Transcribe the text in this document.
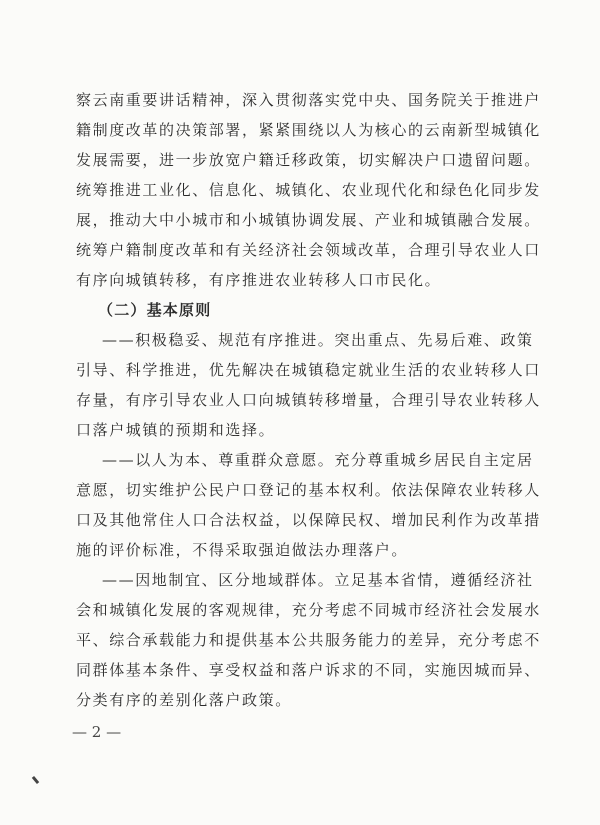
察云南重要讲话精神，深入贯彻落实党中央、国务院关于推进户
籍制度改革的决策部署，紧紧围绕以人为核心的云南新型城镇化
发展需要，进一步放宽户籍迁移政策，切实解决户口遗留问题。
统筹推进工业化、信息化、城镇化、农业现代化和绿色化同步发
展，推动大中小城市和小城镇协调发展、产业和城镇融合发展。
统筹户籍制度改革和有关经济社会领域改革，合理引导农业人口
有序向城镇转移，有序推进农业转移人口市民化。
（二）基本原则
——积极稳妥、规范有序推进。突出重点、先易后难、政策
引导、科学推进，优先解决在城镇稳定就业生活的农业转移人口
存量，有序引导农业人口向城镇转移增量，合理引导农业转移人
口落户城镇的预期和选择。
——以人为本、尊重群众意愿。充分尊重城乡居民自主定居
意愿，切实维护公民户口登记的基本权利。依法保障农业转移人
口及其他常住人口合法权益，以保障民权、增加民利作为改革措
施的评价标准，不得采取强迫做法办理落户。
——因地制宜、区分地域群体。立足基本省情，遵循经济社
会和城镇化发展的客观规律，充分考虑不同城市经济社会发展水
平、综合承载能力和提供基本公共服务能力的差异，充分考虑不
同群体基本条件、享受权益和落户诉求的不同，实施因城而异、
分类有序的差别化落户政策。
— 2 —
